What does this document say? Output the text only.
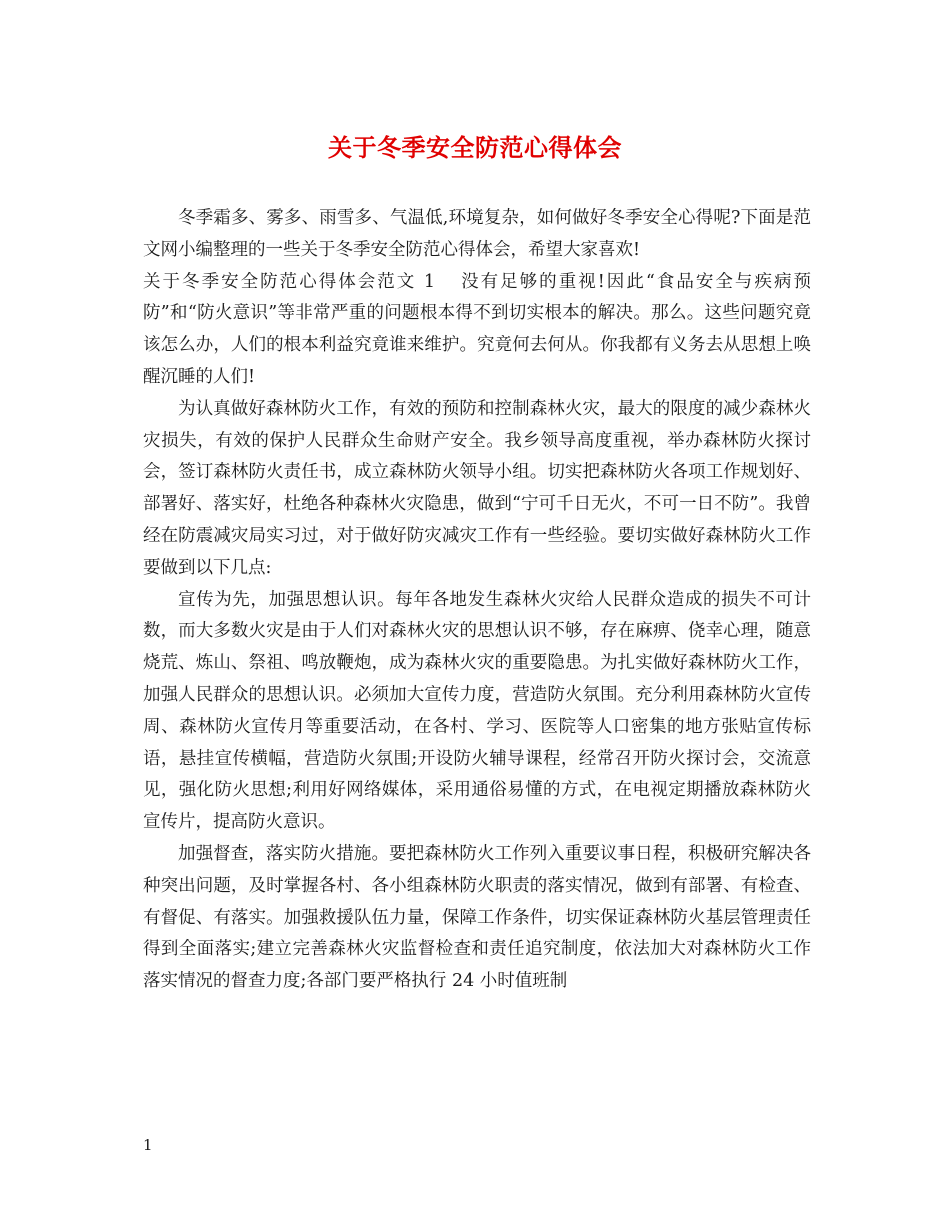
关于冬季安全防范心得体会

冬季霜多、雾多、雨雪多、气温低,环境复杂，如何做好冬季安全心得呢?下面是范文网小编整理的一些关于冬季安全防范心得体会，希望大家喜欢!

关于冬季安全防范心得体会范文 1 没有足够的重视!因此“食品安全与疾病预防”和“防火意识”等非常严重的问题根本得不到切实根本的解决。那么。这些问题究竟该怎么办，人们的根本利益究竟谁来维护。究竟何去何从。你我都有义务去从思想上唤醒沉睡的人们!

为认真做好森林防火工作，有效的预防和控制森林火灾，最大的限度的减少森林火灾损失，有效的保护人民群众生命财产安全。我乡领导高度重视，举办森林防火探讨会，签订森林防火责任书，成立森林防火领导小组。切实把森林防火各项工作规划好、部署好、落实好，杜绝各种森林火灾隐患，做到“宁可千日无火，不可一日不防”。我曾经在防震减灾局实习过，对于做好防灾减灾工作有一些经验。要切实做好森林防火工作要做到以下几点:

宣传为先，加强思想认识。每年各地发生森林火灾给人民群众造成的损失不可计数，而大多数火灾是由于人们对森林火灾的思想认识不够，存在麻痹、侥幸心理，随意烧荒、炼山、祭祖、鸣放鞭炮，成为森林火灾的重要隐患。为扎实做好森林防火工作，加强人民群众的思想认识。必须加大宣传力度，营造防火氛围。充分利用森林防火宣传周、森林防火宣传月等重要活动，在各村、学习、医院等人口密集的地方张贴宣传标语，悬挂宣传横幅，营造防火氛围;开设防火辅导课程，经常召开防火探讨会，交流意见，强化防火思想;利用好网络媒体，采用通俗易懂的方式，在电视定期播放森林防火宣传片，提高防火意识。

加强督查，落实防火措施。要把森林防火工作列入重要议事日程，积极研究解决各种突出问题，及时掌握各村、各小组森林防火职责的落实情况，做到有部署、有检查、有督促、有落实。加强救援队伍力量，保障工作条件，切实保证森林防火基层管理责任得到全面落实;建立完善森林火灾监督检查和责任追究制度，依法加大对森林防火工作落实情况的督查力度;各部门要严格执行 24 小时值班制

1
